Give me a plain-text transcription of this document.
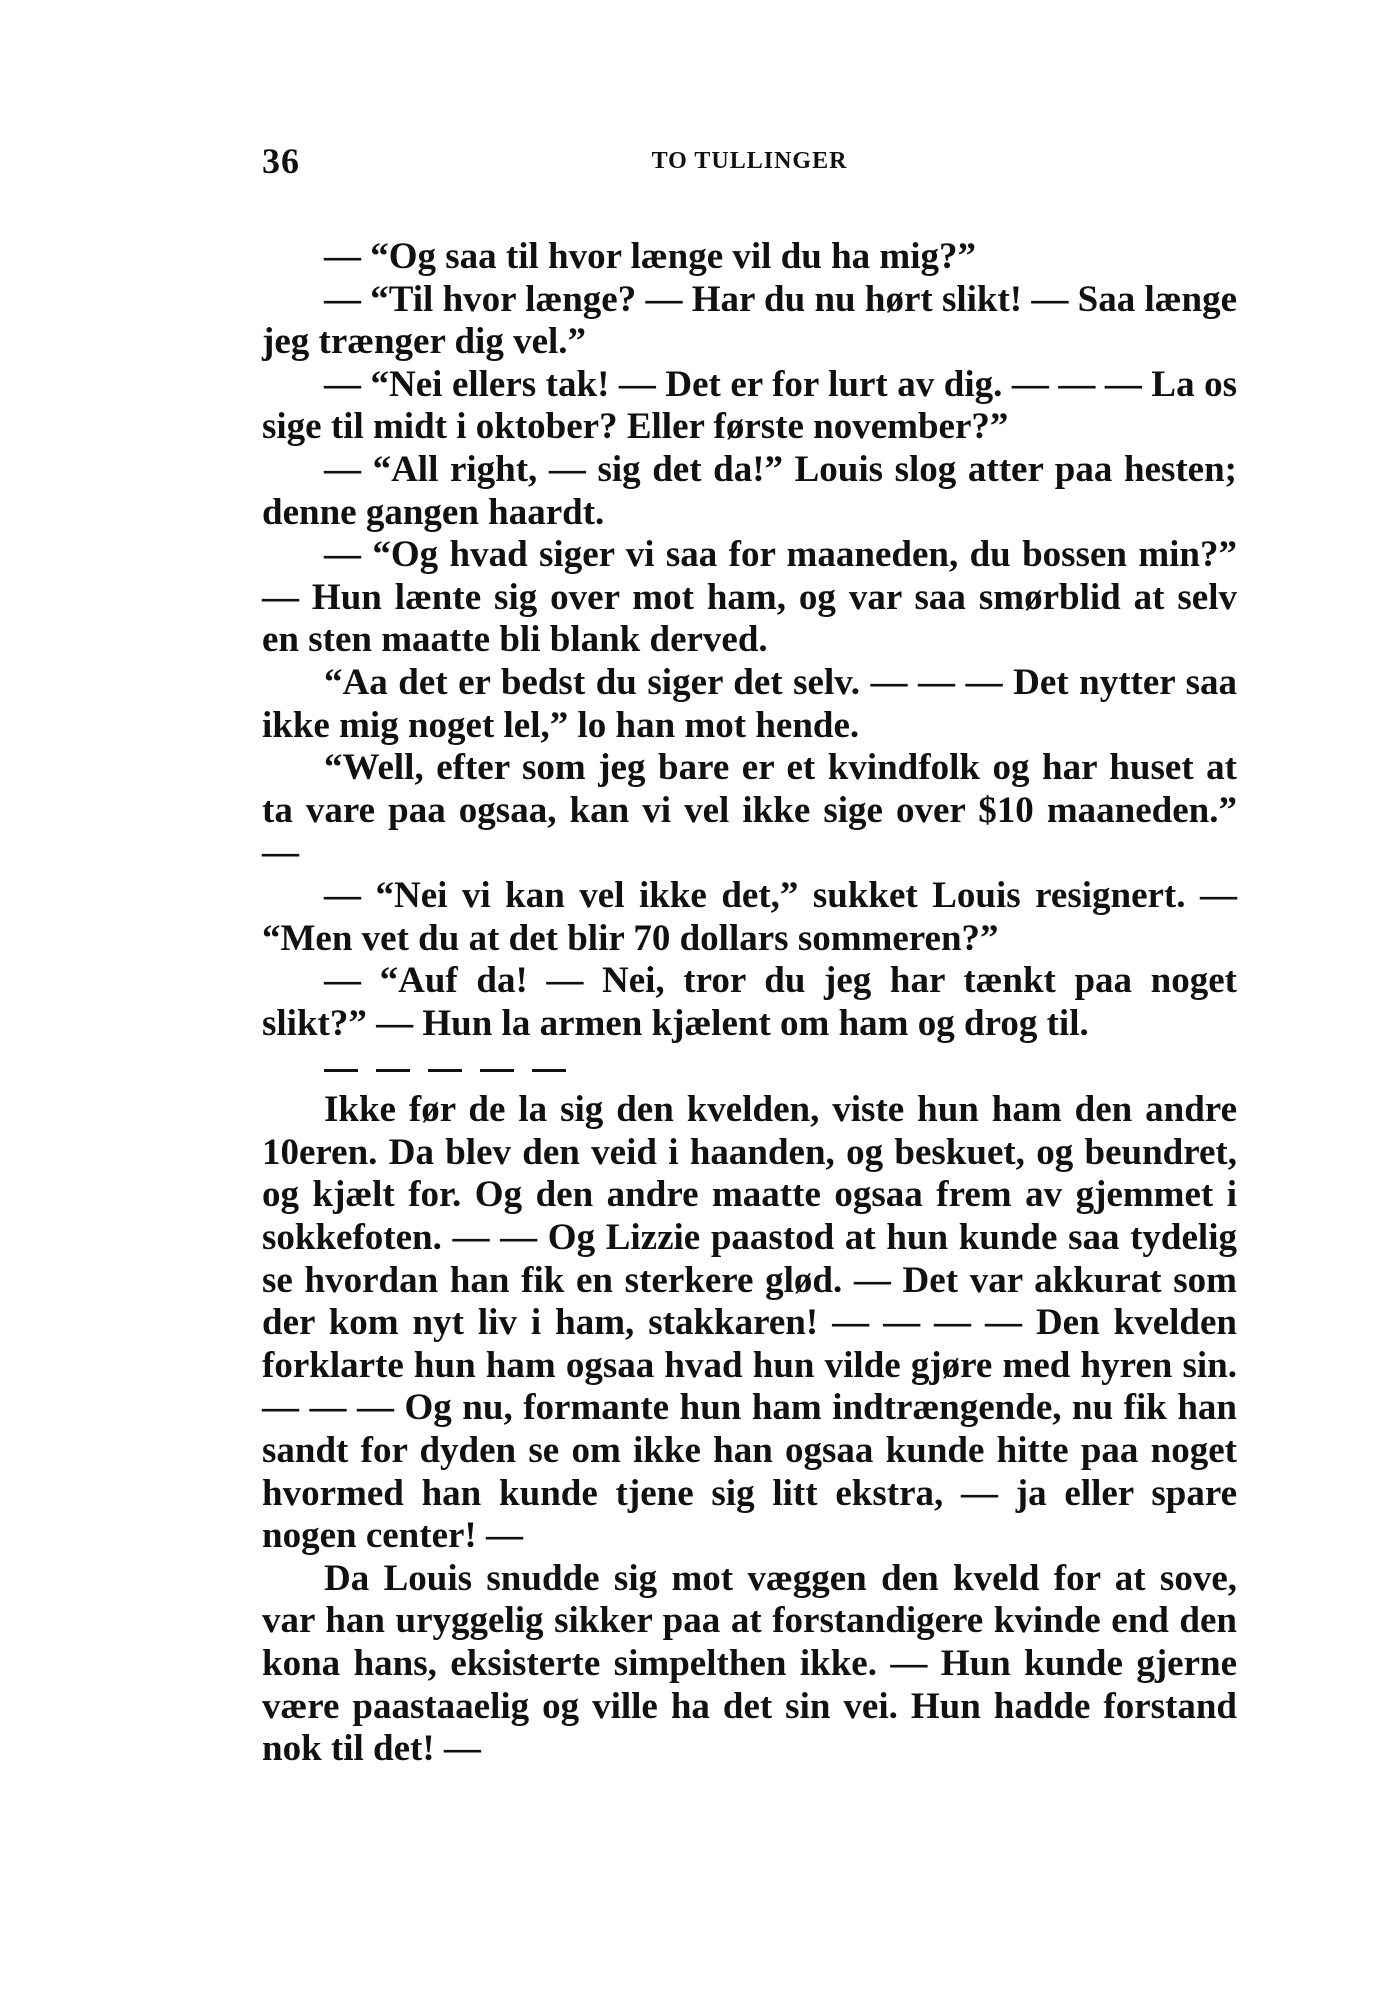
36	TO TULLINGER

— “Og saa til hvor længe vil du ha mig?”

— “Til hvor længe? — Har du nu hørt slikt! — Saa længe jeg trænger dig vel.”

— “Nei ellers tak! — Det er for lurt av dig. — — — La os sige til midt i oktober? Eller første november?”

— “All right, — sig det da!” Louis slog atter paa hesten; denne gangen haardt.

— “Og hvad siger vi saa for maaneden, du bossen min?” — Hun lænte sig over mot ham, og var saa smørblid at selv en sten maatte bli blank derved.

“Aa det er bedst du siger det selv. — — — Det nytter saa ikke mig noget lel,” lo han mot hende.

“Well, efter som jeg bare er et kvindfolk og har huset at ta vare paa ogsaa, kan vi vel ikke sige over $10 maaneden.” —

— “Nei vi kan vel ikke det,” sukket Louis resignert. — “Men vet du at det blir 70 dollars sommeren?”

— “Auf da! — Nei, tror du jeg har tænkt paa noget slikt?” — Hun la armen kjælent om ham og drog til.

Ikke før de la sig den kvelden, viste hun ham den andre 10eren. Da blev den veid i haanden, og beskuet, og beundret, og kjælt for. Og den andre maatte ogsaa frem av gjemmet i sokkefoten. — — Og Lizzie paastod at hun kunde saa tydelig se hvordan han fik en sterkere glød. — Det var akkurat som der kom nyt liv i ham, stakkaren! — — — — Den kvelden forklarte hun ham ogsaa hvad hun vilde gjøre med hyren sin. — — — Og nu, formante hun ham indtrængende, nu fik han sandt for dyden se om ikke han ogsaa kunde hitte paa noget hvormed han kunde tjene sig litt ekstra, — ja eller spare nogen center! —

Da Louis snudde sig mot væggen den kveld for at sove, var han uryggelig sikker paa at forstandigere kvinde end den kona hans, eksisterte simpelthen ikke. — Hun kunde gjerne være paastaaelig og ville ha det sin vei. Hun hadde forstand nok til det! —
